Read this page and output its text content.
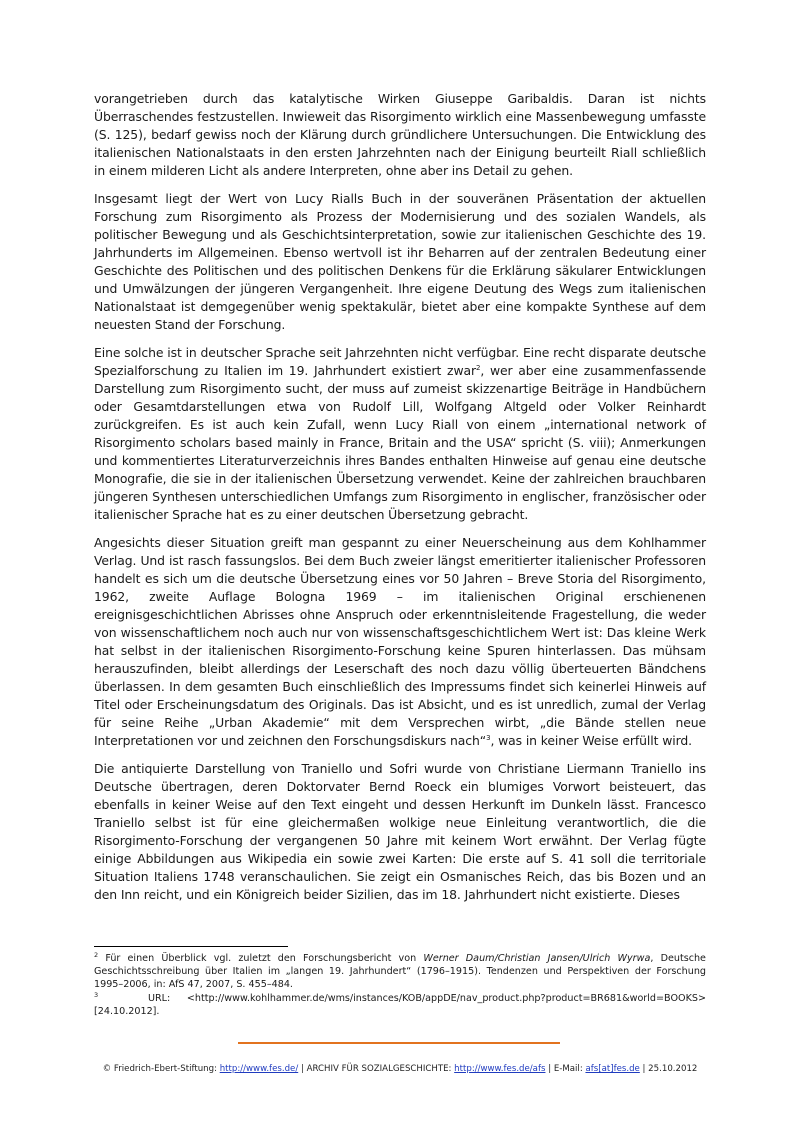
vorangetrieben durch das katalytische Wirken Giuseppe Garibaldis. Daran ist nichts Überraschendes festzustellen. Inwieweit das Risorgimento wirklich eine Massenbewegung umfasste (S. 125), bedarf gewiss noch der Klärung durch gründlichere Untersuchungen. Die Entwicklung des italienischen Nationalstaats in den ersten Jahrzehnten nach der Einigung beurteilt Riall schließlich in einem milderen Licht als andere Interpreten, ohne aber ins Detail zu gehen.

Insgesamt liegt der Wert von Lucy Rialls Buch in der souveränen Präsentation der aktuellen Forschung zum Risorgimento als Prozess der Modernisierung und des sozialen Wandels, als politischer Bewegung und als Geschichtsinterpretation, sowie zur italienischen Geschichte des 19. Jahrhunderts im Allgemeinen. Ebenso wertvoll ist ihr Beharren auf der zentralen Bedeutung einer Geschichte des Politischen und des politischen Denkens für die Erklärung säkularer Entwicklungen und Umwälzungen der jüngeren Vergangenheit. Ihre eigene Deutung des Wegs zum italienischen Nationalstaat ist demgegenüber wenig spektakulär, bietet aber eine kompakte Synthese auf dem neuesten Stand der Forschung.

Eine solche ist in deutscher Sprache seit Jahrzehnten nicht verfügbar. Eine recht disparate deutsche Spezialforschung zu Italien im 19. Jahrhundert existiert zwar$^2$, wer aber eine zusammenfassende Darstellung zum Risorgimento sucht, der muss auf zumeist skizzenartige Beiträge in Handbüchern oder Gesamtdarstellungen etwa von Rudolf Lill, Wolfgang Altgeld oder Volker Reinhardt zurückgreifen. Es ist auch kein Zufall, wenn Lucy Riall von einem „international network of Risorgimento scholars based mainly in France, Britain and the USA“ spricht (S. viii); Anmerkungen und kommentiertes Literaturverzeichnis ihres Bandes enthalten Hinweise auf genau eine deutsche Monografie, die sie in der italienischen Übersetzung verwendet. Keine der zahlreichen brauchbaren jüngeren Synthesen unterschiedlichen Umfangs zum Risorgimento in englischer, französischer oder italienischer Sprache hat es zu einer deutschen Übersetzung gebracht.

Angesichts dieser Situation greift man gespannt zu einer Neuerscheinung aus dem Kohlhammer Verlag. Und ist rasch fassungslos. Bei dem Buch zweier längst emeritierter italienischer Professoren handelt es sich um die deutsche Übersetzung eines vor 50 Jahren – Breve Storia del Risorgimento, 1962, zweite Auflage Bologna 1969 – im italienischen Original erschienenen ereignisgeschichtlichen Abrisses ohne Anspruch oder erkenntnisleitende Fragestellung, die weder von wissenschaftlichem noch auch nur von wissenschaftsgeschichtlichem Wert ist: Das kleine Werk hat selbst in der italienischen Risorgimento-Forschung keine Spuren hinterlassen. Das mühsam herauszufinden, bleibt allerdings der Leserschaft des noch dazu völlig überteuerten Bändchens überlassen. In dem gesamten Buch einschließlich des Impressums findet sich keinerlei Hinweis auf Titel oder Erscheinungsdatum des Originals. Das ist Absicht, und es ist unredlich, zumal der Verlag für seine Reihe „Urban Akademie“ mit dem Versprechen wirbt, „die Bände stellen neue Interpretationen vor und zeichnen den Forschungsdiskurs nach“$^3$, was in keiner Weise erfüllt wird.

Die antiquierte Darstellung von Traniello und Sofri wurde von Christiane Liermann Traniello ins Deutsche übertragen, deren Doktorvater Bernd Roeck ein blumiges Vorwort beisteuert, das ebenfalls in keiner Weise auf den Text eingeht und dessen Herkunft im Dunkeln lässt. Francesco Traniello selbst ist für eine gleichermaßen wolkige neue Einleitung verantwortlich, die die Risorgimento-Forschung der vergangenen 50 Jahre mit keinem Wort erwähnt. Der Verlag fügte einige Abbildungen aus Wikipedia ein sowie zwei Karten: Die erste auf S. 41 soll die territoriale Situation Italiens 1748 veranschaulichen. Sie zeigt ein Osmanisches Reich, das bis Bozen und an den Inn reicht, und ein Königreich beider Sizilien, das im 18. Jahrhundert nicht existierte. Dieses

$^2$ Für einen Überblick vgl. zuletzt den Forschungsbericht von Werner Daum/Christian Jansen/Ulrich Wyrwa, Deutsche Geschichtsschreibung über Italien im „langen 19. Jahrhundert“ (1796–1915). Tendenzen und Perspektiven der Forschung 1995–2006, in: AfS 47, 2007, S. 455–484.

$^3$	URL: <http://www.kohlhammer.de/wms/instances/KOB/appDE/nav_product.php?product=BR681&world=BOOKS> [24.10.2012].

© Friedrich-Ebert-Stiftung: http://www.fes.de/ | ARCHIV FÜR SOZIALGESCHICHTE: http://www.fes.de/afs | E-Mail: afs[at]fes.de | 25.10.2012
